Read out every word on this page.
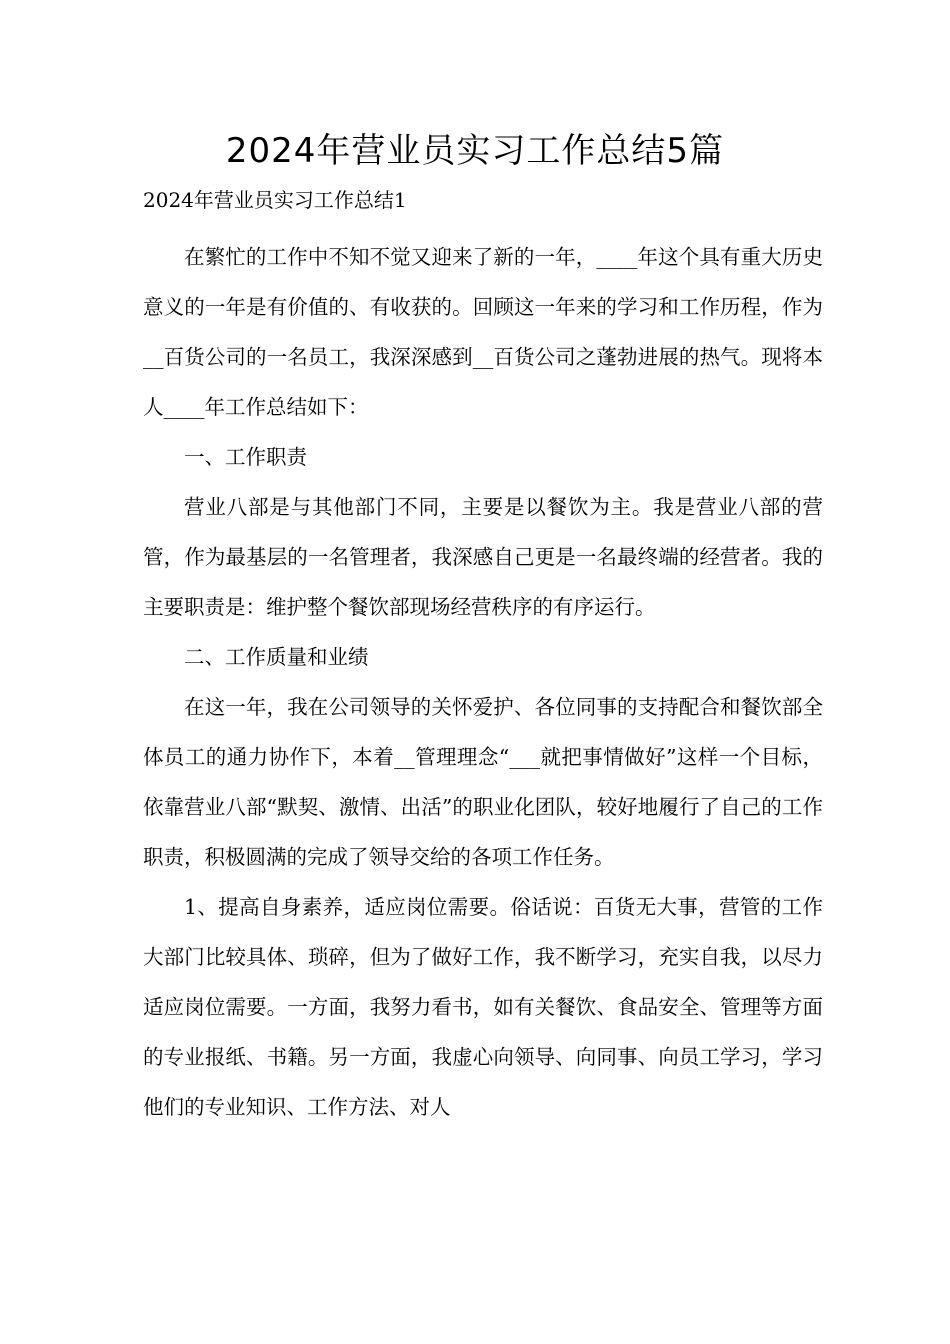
2024年营业员实习工作总结5篇
2024年营业员实习工作总结1

在繁忙的工作中不知不觉又迎来了新的一年，____年这个具有重大历史意义的一年是有价值的、有收获的。回顾这一年来的学习和工作历程，作为__百货公司的一名员工，我深深感到__百货公司之蓬勃进展的热气。现将本人____年工作总结如下：

一、工作职责

营业八部是与其他部门不同，主要是以餐饮为主。我是营业八部的营管，作为最基层的一名管理者，我深感自己更是一名最终端的经营者。我的主要职责是：维护整个餐饮部现场经营秩序的有序运行。

二、工作质量和业绩

在这一年，我在公司领导的关怀爱护、各位同事的支持配合和餐饮部全体员工的通力协作下，本着__管理理念“___就把事情做好”这样一个目标，依靠营业八部“默契、激情、出活”的职业化团队，较好地履行了自己的工作职责，积极圆满的完成了领导交给的各项工作任务。

1、提高自身素养，适应岗位需要。俗话说：百货无大事，营管的工作大部门比较具体、琐碎，但为了做好工作，我不断学习，充实自我，以尽力适应岗位需要。一方面，我努力看书，如有关餐饮、食品安全、管理等方面的专业报纸、书籍。另一方面，我虚心向领导、向同事、向员工学习，学习他们的专业知识、工作方法、对人
